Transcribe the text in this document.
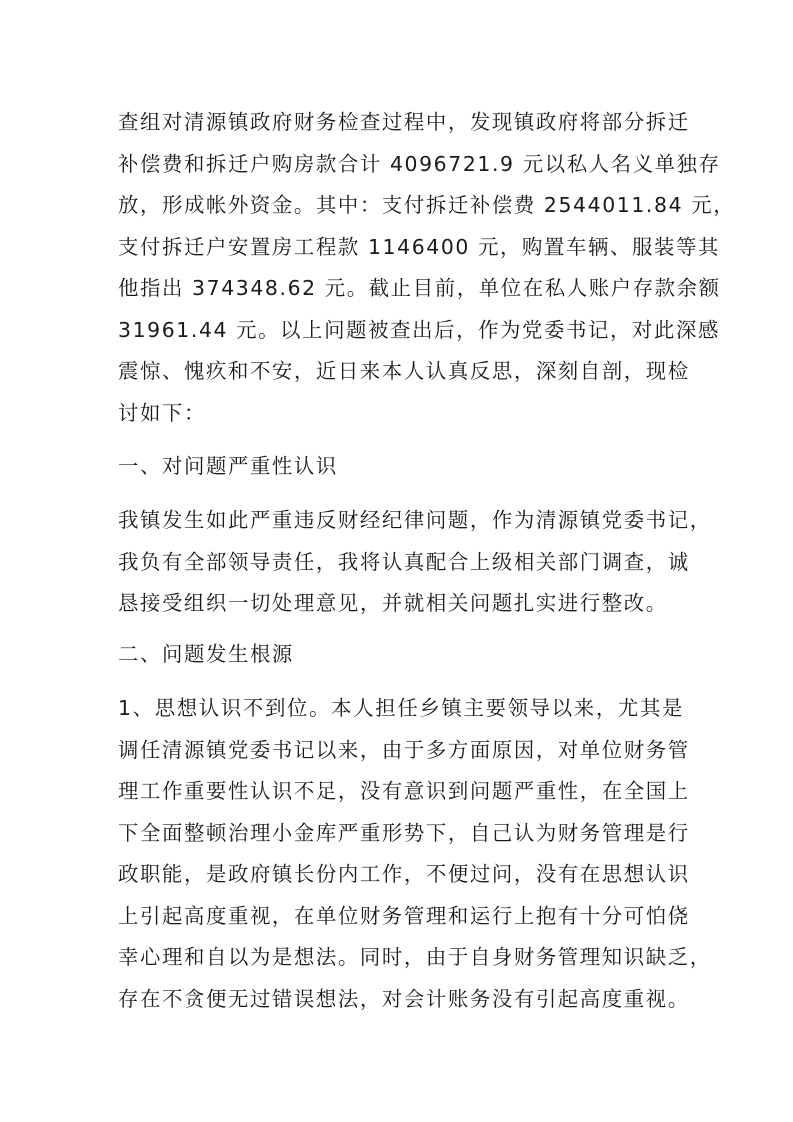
查组对清源镇政府财务检查过程中，发现镇政府将部分拆迁
补偿费和拆迁户购房款合计 4096721.9 元以私人名义单独存
放，形成帐外资金。其中：支付拆迁补偿费 2544011.84 元，
支付拆迁户安置房工程款 1146400 元，购置车辆、服装等其
他指出 374348.62 元。截止目前，单位在私人账户存款余额
31961.44 元。以上问题被查出后，作为党委书记，对此深感
震惊、愧疚和不安，近日来本人认真反思，深刻自剖，现检
讨如下：
一、对问题严重性认识
我镇发生如此严重违反财经纪律问题，作为清源镇党委书记，
我负有全部领导责任，我将认真配合上级相关部门调查，诚
恳接受组织一切处理意见，并就相关问题扎实进行整改。
二、问题发生根源
1、思想认识不到位。本人担任乡镇主要领导以来，尤其是
调任清源镇党委书记以来，由于多方面原因，对单位财务管
理工作重要性认识不足，没有意识到问题严重性，在全国上
下全面整顿治理小金库严重形势下，自己认为财务管理是行
政职能，是政府镇长份内工作，不便过问，没有在思想认识
上引起高度重视，在单位财务管理和运行上抱有十分可怕侥
幸心理和自以为是想法。同时，由于自身财务管理知识缺乏，
存在不贪便无过错误想法，对会计账务没有引起高度重视。
